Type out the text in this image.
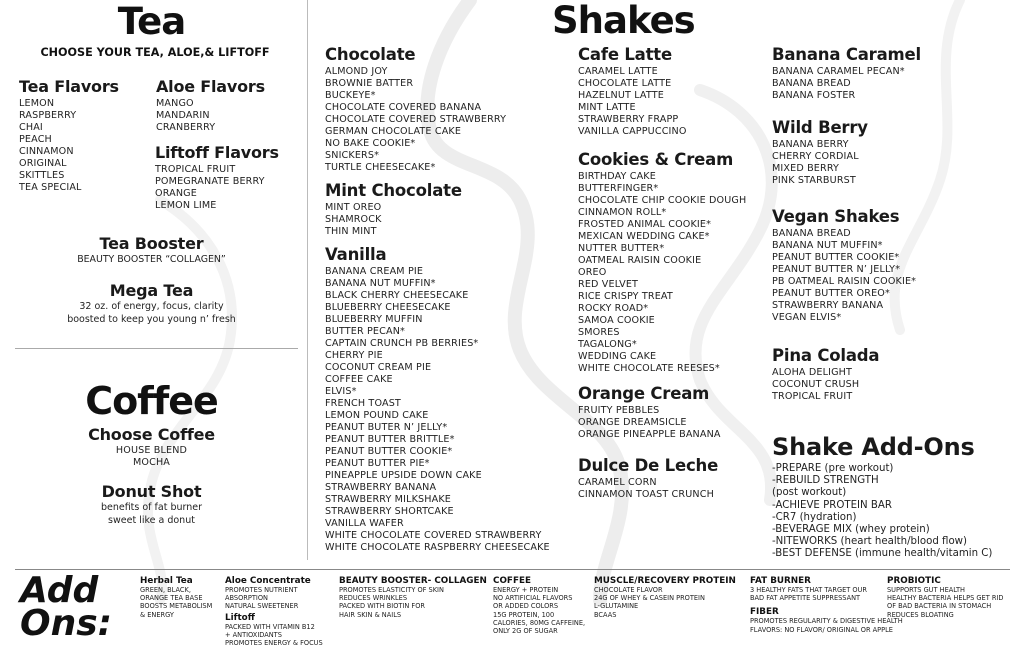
Tea
CHOOSE YOUR TEA, ALOE,& LIFTOFF
Tea Flavors
LEMON
RASPBERRY
CHAI
PEACH
CINNAMON
ORIGINAL
SKITTLES
TEA SPECIAL
Aloe Flavors
MANGO
MANDARIN
CRANBERRY
Liftoff Flavors
TROPICAL FRUIT
POMEGRANATE BERRY
ORANGE
LEMON LIME
Tea Booster
BEAUTY BOOSTER “COLLAGEN”
Mega Tea
32 oz. of energy, focus, clarity
boosted to keep you young n’ fresh
Coffee
Choose Coffee
HOUSE BLEND
MOCHA
Donut Shot
benefits of fat burner
sweet like a donut
Shakes
Chocolate
ALMOND JOY
BROWNIE BATTER
BUCKEYE*
CHOCOLATE COVERED BANANA
CHOCOLATE COVERED STRAWBERRY
GERMAN CHOCOLATE CAKE
NO BAKE COOKIE*
SNICKERS*
TURTLE CHEESECAKE*
Mint Chocolate
MINT OREO
SHAMROCK
THIN MINT
Vanilla
BANANA CREAM PIE
BANANA NUT MUFFIN*
BLACK CHERRY CHEESECAKE
BLUEBERRY CHEESECAKE
BLUEBERRY MUFFIN
BUTTER PECAN*
CAPTAIN CRUNCH PB BERRIES*
CHERRY PIE
COCONUT CREAM PIE
COFFEE CAKE
ELVIS*
FRENCH TOAST
LEMON POUND CAKE
PEANUT BUTER N’ JELLY*
PEANUT BUTTER BRITTLE*
PEANUT BUTTER COOKIE*
PEANUT BUTTER PIE*
PINEAPPLE UPSIDE DOWN CAKE
STRAWBERRY BANANA
STRAWBERRY MILKSHAKE
STRAWBERRY SHORTCAKE
VANILLA WAFER
WHITE CHOCOLATE COVERED STRAWBERRY
WHITE CHOCOLATE RASPBERRY CHEESECAKE
Cafe Latte
CARAMEL LATTE
CHOCOLATE LATTE
HAZELNUT LATTE
MINT LATTE
STRAWBERRY FRAPP
VANILLA CAPPUCCINO
Cookies & Cream
BIRTHDAY CAKE
BUTTERFINGER*
CHOCOLATE CHIP COOKIE DOUGH
CINNAMON ROLL*
FROSTED ANIMAL COOKIE*
MEXICAN WEDDING CAKE*
NUTTER BUTTER*
OATMEAL RAISIN COOKIE
OREO
RED VELVET
RICE CRISPY TREAT
ROCKY ROAD*
SAMOA COOKIE
SMORES
TAGALONG*
WEDDING CAKE
WHITE CHOCOLATE REESES*
Orange Cream
FRUITY PEBBLES
ORANGE DREAMSICLE
ORANGE PINEAPPLE BANANA
Dulce De Leche
CARAMEL CORN
CINNAMON TOAST CRUNCH
Banana Caramel
BANANA CARAMEL PECAN*
BANANA BREAD
BANANA FOSTER
Wild Berry
BANANA BERRY
CHERRY CORDIAL
MIXED BERRY
PINK STARBURST
Vegan Shakes
BANANA BREAD
BANANA NUT MUFFIN*
PEANUT BUTTER COOKIE*
PEANUT BUTTER N’ JELLY*
PB OATMEAL RAISIN COOKIE*
PEANUT BUTTER OREO*
STRAWBERRY BANANA
VEGAN ELVIS*
Pina Colada
ALOHA DELIGHT
COCONUT CRUSH
TROPICAL FRUIT
Shake Add-Ons
-PREPARE (pre workout)
-REBUILD STRENGTH
(post workout)
-ACHIEVE PROTEIN BAR
-CR7 (hydration)
-BEVERAGE MIX (whey protein)
-NITEWORKS (heart health/blood flow)
-BEST DEFENSE (immune health/vitamin C)
Add
Ons:
Herbal Tea
GREEN, BLACK,
ORANGE TEA BASE
BOOSTS METABOLISM
& ENERGY
Aloe Concentrate
PROMOTES NUTRIENT
ABSORPTION
NATURAL SWEETENER
Liftoff
PACKED WITH VITAMIN B12
+ ANTIOXIDANTS
PROMOTES ENERGY & FOCUS
BEAUTY BOOSTER- COLLAGEN
PROMOTES ELASTICITY OF SKIN
REDUCES WRINKLES
PACKED WITH BIOTIN FOR
HAIR SKIN & NAILS
COFFEE
ENERGY + PROTEIN
NO ARTIFICIAL FLAVORS
OR ADDED COLORS
15G PROTEIN, 100
CALORIES, 80MG CAFFEINE,
ONLY 2G OF SUGAR
MUSCLE/RECOVERY PROTEIN
CHOCOLATE FLAVOR
24G OF WHEY & CASEIN PROTEIN
L-GLUTAMINE
BCAAS
FAT BURNER
3 HEALTHY FATS THAT TARGET OUR
BAD FAT APPETITE SUPPRESSANT
FIBER
PROMOTES REGULARITY & DIGESTIVE HEALTH
FLAVORS: NO FLAVOR/ ORIGINAL OR APPLE
PROBIOTIC
SUPPORTS GUT HEALTH
HEALTHY BACTERIA HELPS GET RID
OF BAD BACTERIA IN STOMACH
REDUCES BLOATING
